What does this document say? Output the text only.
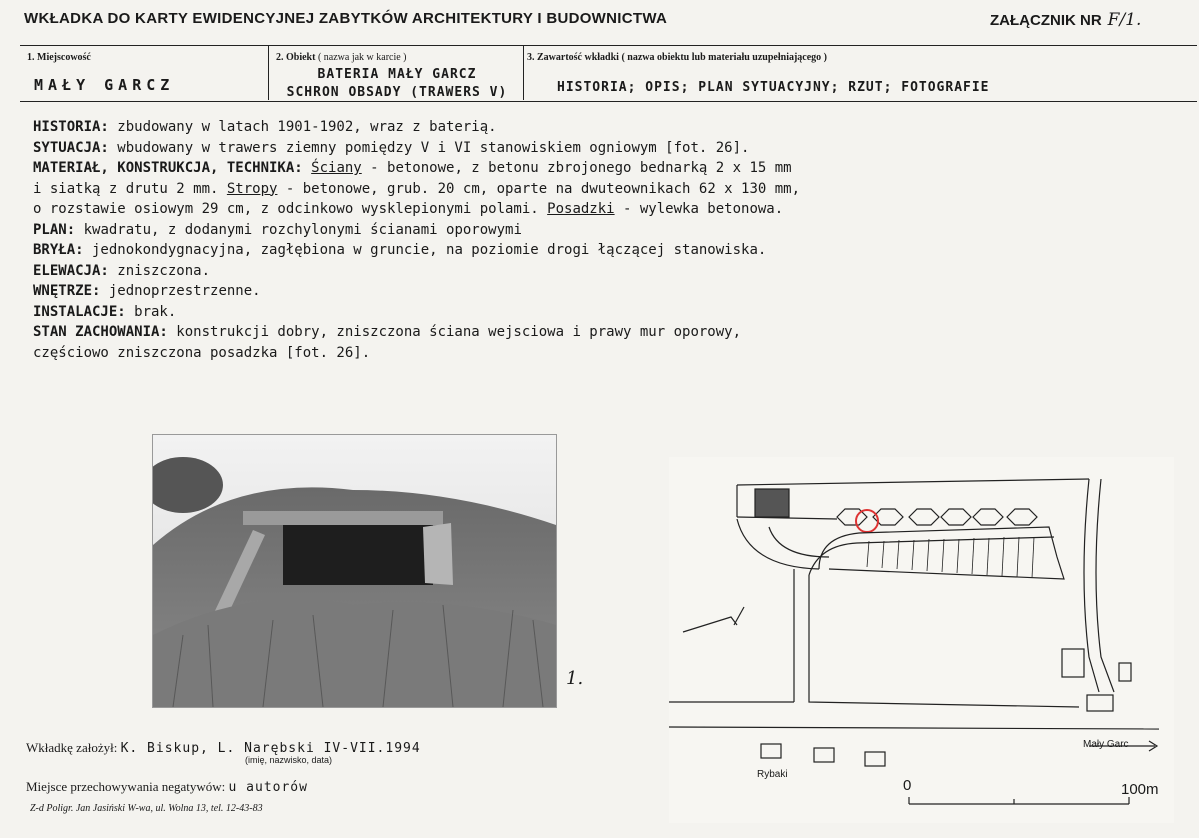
WKŁADKA DO KARTY EWIDENCYJNEJ ZABYTKÓW ARCHITEKTURY I BUDOWNICTWA	ZAŁĄCZNIK NR F/1.
1. Miejscowość
MAŁY GARCZ
2. Obiekt ( nazwa jak w karcie )
BATERIA MAŁY GARCZ
SCHRON OBSADY (TRAWERS V)
3. Zawartość wkładki ( nazwa obiektu lub materiału uzupełniającego )
HISTORIA; OPIS; PLAN SYTUACYJNY; RZUT; FOTOGRAFIE
HISTORIA: zbudowany w latach 1901-1902, wraz z baterią.
SYTUACJA: wbudowany w trawers ziemny pomiędzy V i VI stanowiskiem ogniowym [fot. 26].
MATERIAŁ, KONSTRUKCJA, TECHNIKA: Ściany - betonowe, z betonu zbrojonego bednarką 2 x 15 mm i siatką z drutu 2 mm. Stropy - betonowe, grub. 20 cm, oparte na dwuteownikach 62 x 130 mm, o rozstawie osiowym 29 cm, z odcinkowo wysklepionymi polami. Posadzki - wylewka betonowa.
PLAN: kwadratu, z dodanymi rozchylonymi ścianami oporowymi
BRYŁA: jednokondygnacyjna, zagłębiona w gruncie, na poziomie drogi łączącej stanowiska.
ELEWACJA: zniszczona.
WNĘTRZE: jednoprzestrzenne.
INSTALACJE: brak.
STAN ZACHOWANIA: konstrukcji dobry, zniszczona ściana wejsciowa i prawy mur oporowy, częściowo zniszczona posadzka [fot. 26].
1.
Mały Garc
Rybaki
0	100m
Wkładkę założył: K. Biskup, L. Narębski IV-VII.1994
(imię, nazwisko, data)
Miejsce przechowywania negatywów: u autorów
Z-d Poligr. Jan Jasiński W-wa, ul. Wolna 13, tel. 12-43-83
